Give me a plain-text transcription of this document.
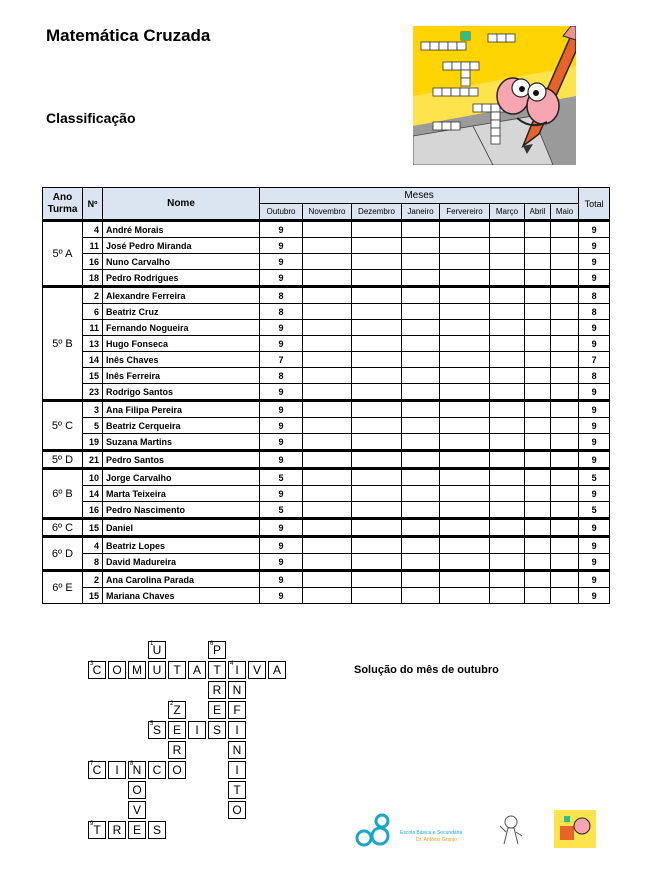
Matemática Cruzada
Classificação
Ano Turma	Nº	Nome	Meses								Total
			Outubro	Novembro	Dezembro	Janeiro	Fervereiro	Março	Abril	Maio	
5º A	4	André Morais	9								9
	11	José Pedro Miranda	9								9
	16	Nuno Carvalho	9								9
	18	Pedro Rodrigues	9								9
5º B	2	Alexandre Ferreira	8								8
	6	Beatriz Cruz	8								8
	11	Fernando Nogueira	9								9
	13	Hugo Fonseca	9								9
	14	Inês Chaves	7								7
	15	Inês Ferreira	8								8
	23	Rodrigo Santos	9								9
5º C	3	Ana Filipa Pereira	9								9
	5	Beatriz Cerqueira	9								9
	19	Suzana Martins	9								9
5º D	21	Pedro Santos	9								9
6º B	10	Jorge Carvalho	5								5
	14	Marta Teixeira	9								9
	16	Pedro Nascimento	5								5
6º C	15	Daniel	9								9
6º D	4	Beatriz Lopes	9								9
	8	David Madureira	9								9
6º E	2	Ana Carolina Parada	9								9
	15	Mariana Chaves	9								9
1 U	6 P
3 C O M U	T	A	T	4 I	V A
R N
2 Z	E	F
5 S E	I	S	I
R	N
7 C	I	8 N C O	I
O	T
V	O
9 T R E S
Solução do mês de outubro
Escola Básica e Secundária
Dr. António Granjo
